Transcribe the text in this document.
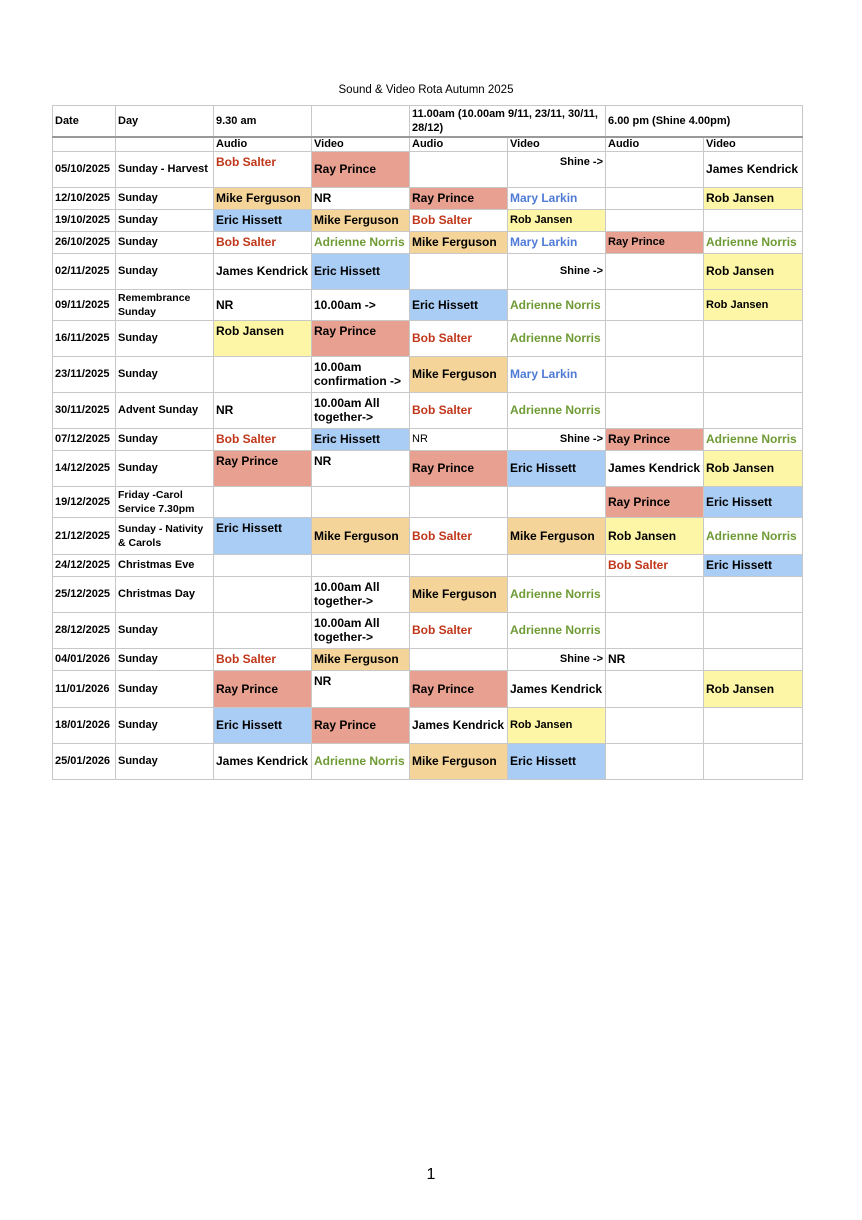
Sound & Video Rota Autumn 2025
Date	Day	9.30 am		11.00am (10.00am 9/11, 23/11, 30/11, 28/12)		6.00 pm (Shine 4.00pm)	
		Audio	Video	Audio	Video	Audio	Video
05/10/2025	Sunday - Harvest	Bob Salter	Ray Prince		Shine ->		James Kendrick
12/10/2025	Sunday	Mike Ferguson	NR	Ray Prince	Mary Larkin		Rob Jansen
19/10/2025	Sunday	Eric Hissett	Mike Ferguson	Bob Salter	Rob Jansen		
26/10/2025	Sunday	Bob Salter	Adrienne Norris	Mike Ferguson	Mary Larkin	Ray Prince	Adrienne Norris
02/11/2025	Sunday	James Kendrick	Eric Hissett		Shine ->		Rob Jansen
09/11/2025	Remembrance Sunday	NR	10.00am ->	Eric Hissett	Adrienne Norris		Rob Jansen
16/11/2025	Sunday	Rob Jansen	Ray Prince	Bob Salter	Adrienne Norris		
23/11/2025	Sunday		10.00am confirmation ->	Mike Ferguson	Mary Larkin		
30/11/2025	Advent Sunday	NR	10.00am All together->	Bob Salter	Adrienne Norris		
07/12/2025	Sunday	Bob Salter	Eric Hissett	NR	Shine ->	Ray Prince	Adrienne Norris
14/12/2025	Sunday	Ray Prince	NR	Ray Prince	Eric Hissett	James Kendrick	Rob Jansen
19/12/2025	Friday -Carol Service 7.30pm					Ray Prince	Eric Hissett
21/12/2025	Sunday - Nativity & Carols	Eric Hissett	Mike Ferguson	Bob Salter	Mike Ferguson	Rob Jansen	Adrienne Norris
24/12/2025	Christmas Eve					Bob Salter	Eric Hissett
25/12/2025	Christmas Day		10.00am All together->	Mike Ferguson	Adrienne Norris		
28/12/2025	Sunday		10.00am All together->	Bob Salter	Adrienne Norris		
04/01/2026	Sunday	Bob Salter	Mike Ferguson		Shine ->	NR	
11/01/2026	Sunday	Ray Prince	NR	Ray Prince	James Kendrick		Rob Jansen
18/01/2026	Sunday	Eric Hissett	Ray Prince	James Kendrick	Rob Jansen		
25/01/2026	Sunday	James Kendrick	Adrienne Norris	Mike Ferguson	Eric Hissett		
1
